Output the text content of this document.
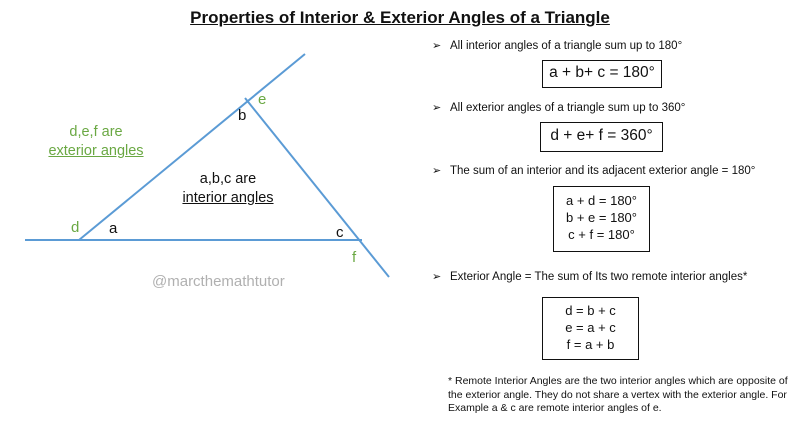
Properties of Interior & Exterior Angles of a Triangle
a
b
c
d
e
f
d,e,f are
exterior angles
a,b,c are
interior angles
@marcthemathtutor
➢ All interior angles of a triangle sum up to 180°
a + b+ c = 180°
➢ All exterior angles of a triangle sum up to 360°
d + e+ f = 360°
➢ The sum of an interior and its adjacent exterior angle = 180°
a + d = 180°
b + e = 180°
c + f = 180°
➢ Exterior Angle = The sum of Its two remote interior angles*
d = b + c
e = a + c
f = a + b
* Remote Interior Angles are the two interior angles which are opposite of the exterior angle. They do not share a vertex with the exterior angle. For Example a & c are remote interior angles of e.
